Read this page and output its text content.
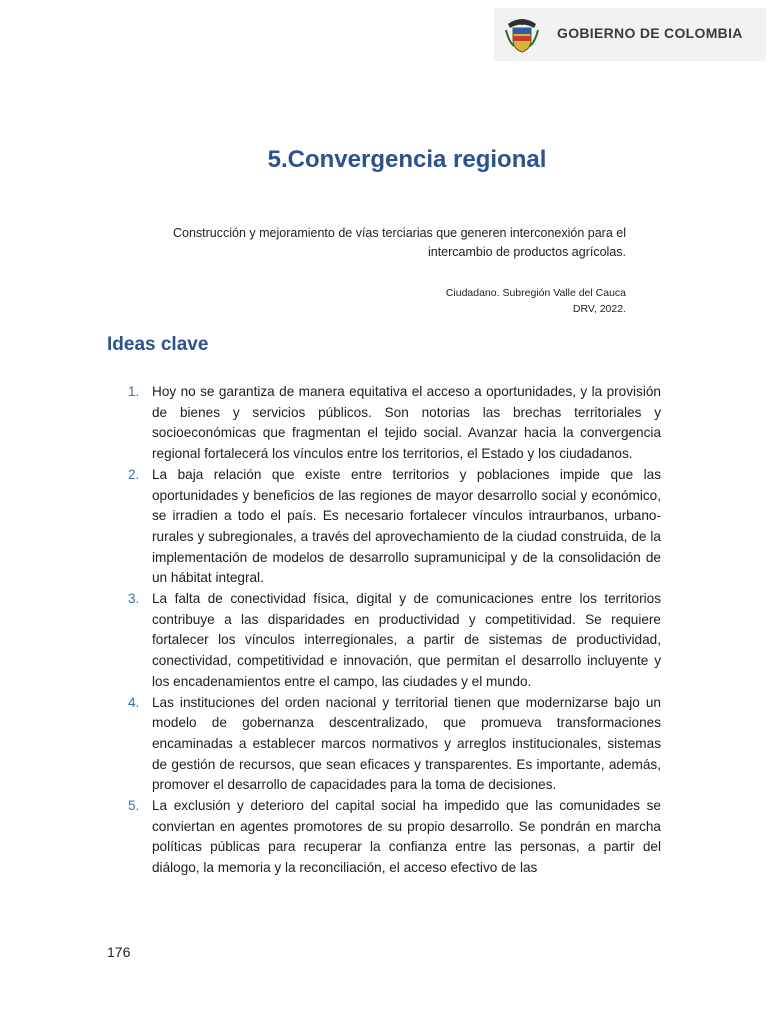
GOBIERNO DE COLOMBIA
5.Convergencia regional

Construcción y mejoramiento de vías terciarias que generen interconexión para el intercambio de productos agrícolas.

Ciudadano. Subregión Valle del Cauca
DRV, 2022.
Ideas clave
1. Hoy no se garantiza de manera equitativa el acceso a oportunidades, y la provisión de bienes y servicios públicos. Son notorias las brechas territoriales y socioeconómicas que fragmentan el tejido social. Avanzar hacia la convergencia regional fortalecerá los vínculos entre los territorios, el Estado y los ciudadanos.
2. La baja relación que existe entre territorios y poblaciones impide que las oportunidades y beneficios de las regiones de mayor desarrollo social y económico, se irradien a todo el país. Es necesario fortalecer vínculos intraurbanos, urbano-rurales y subregionales, a través del aprovechamiento de la ciudad construida, de la implementación de modelos de desarrollo supramunicipal y de la consolidación de un hábitat integral.
3. La falta de conectividad física, digital y de comunicaciones entre los territorios contribuye a las disparidades en productividad y competitividad. Se requiere fortalecer los vínculos interregionales, a partir de sistemas de productividad, conectividad, competitividad e innovación, que permitan el desarrollo incluyente y los encadenamientos entre el campo, las ciudades y el mundo.
4. Las instituciones del orden nacional y territorial tienen que modernizarse bajo un modelo de gobernanza descentralizado, que promueva transformaciones encaminadas a establecer marcos normativos y arreglos institucionales, sistemas de gestión de recursos, que sean eficaces y transparentes. Es importante, además, promover el desarrollo de capacidades para la toma de decisiones.
5. La exclusión y deterioro del capital social ha impedido que las comunidades se conviertan en agentes promotores de su propio desarrollo. Se pondrán en marcha políticas públicas para recuperar la confianza entre las personas, a partir del diálogo, la memoria y la reconciliación, el acceso efectivo de las
176
